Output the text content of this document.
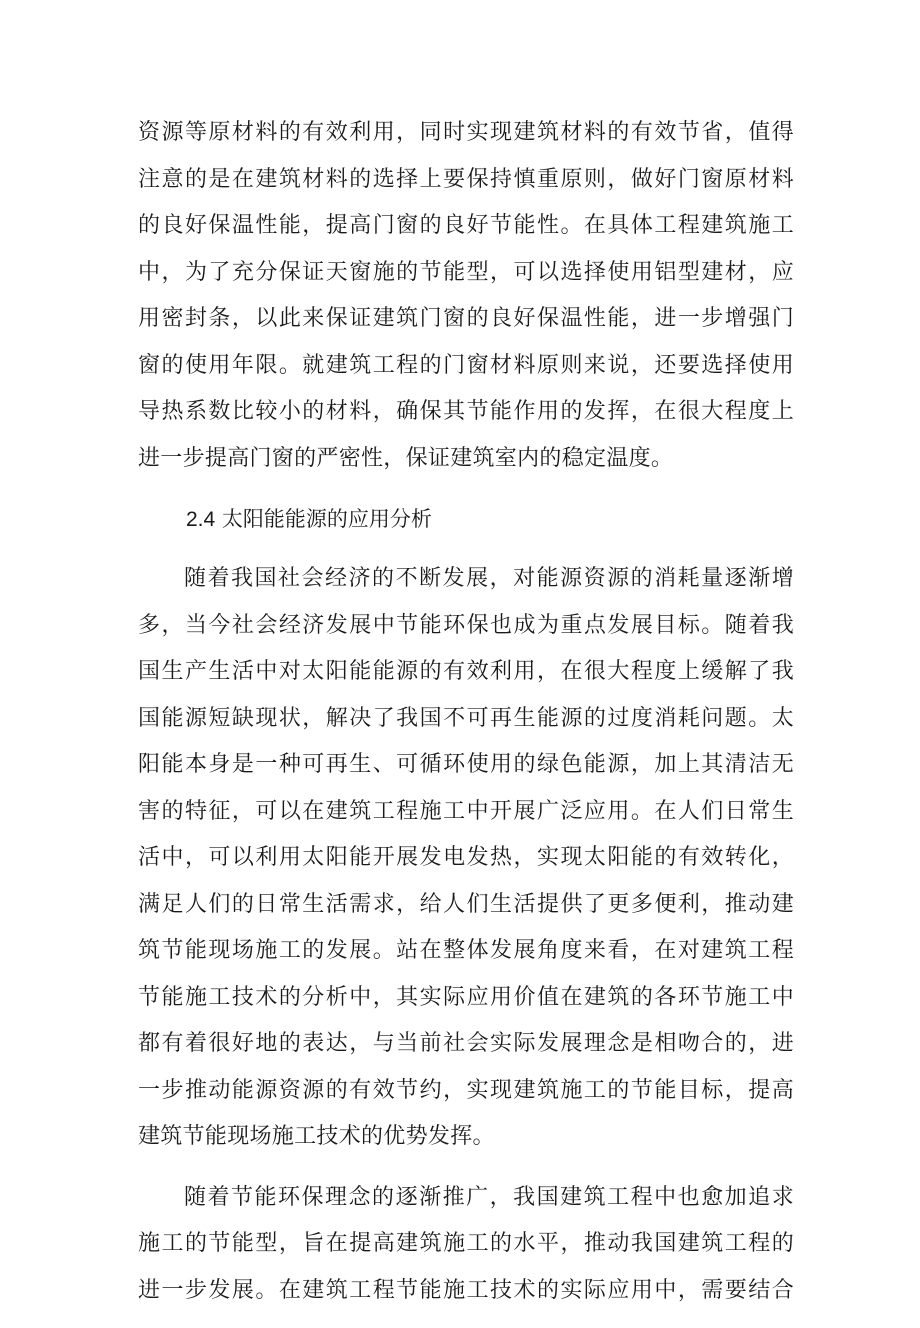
资源等原材料的有效利用，同时实现建筑材料的有效节省，值得
注意的是在建筑材料的选择上要保持慎重原则，做好门窗原材料
的良好保温性能，提高门窗的良好节能性。在具体工程建筑施工
中，为了充分保证天窗施的节能型，可以选择使用铝型建材，应
用密封条，以此来保证建筑门窗的良好保温性能，进一步增强门
窗的使用年限。就建筑工程的门窗材料原则来说，还要选择使用
导热系数比较小的材料，确保其节能作用的发挥，在很大程度上
进一步提高门窗的严密性，保证建筑室内的稳定温度。
2.4 太阳能能源的应用分析
随着我国社会经济的不断发展，对能源资源的消耗量逐渐增
多，当今社会经济发展中节能环保也成为重点发展目标。随着我
国生产生活中对太阳能能源的有效利用，在很大程度上缓解了我
国能源短缺现状，解决了我国不可再生能源的过度消耗问题。太
阳能本身是一种可再生、可循环使用的绿色能源，加上其清洁无
害的特征，可以在建筑工程施工中开展广泛应用。在人们日常生
活中，可以利用太阳能开展发电发热，实现太阳能的有效转化，
满足人们的日常生活需求，给人们生活提供了更多便利，推动建
筑节能现场施工的发展。站在整体发展角度来看，在对建筑工程
节能施工技术的分析中，其实际应用价值在建筑的各环节施工中
都有着很好地的表达，与当前社会实际发展理念是相吻合的，进
一步推动能源资源的有效节约，实现建筑施工的节能目标，提高
建筑节能现场施工技术的优势发挥。
随着节能环保理念的逐渐推广，我国建筑工程中也愈加追求
施工的节能型，旨在提高建筑施工的水平，推动我国建筑工程的
进一步发展。在建筑工程节能施工技术的实际应用中，需要结合
